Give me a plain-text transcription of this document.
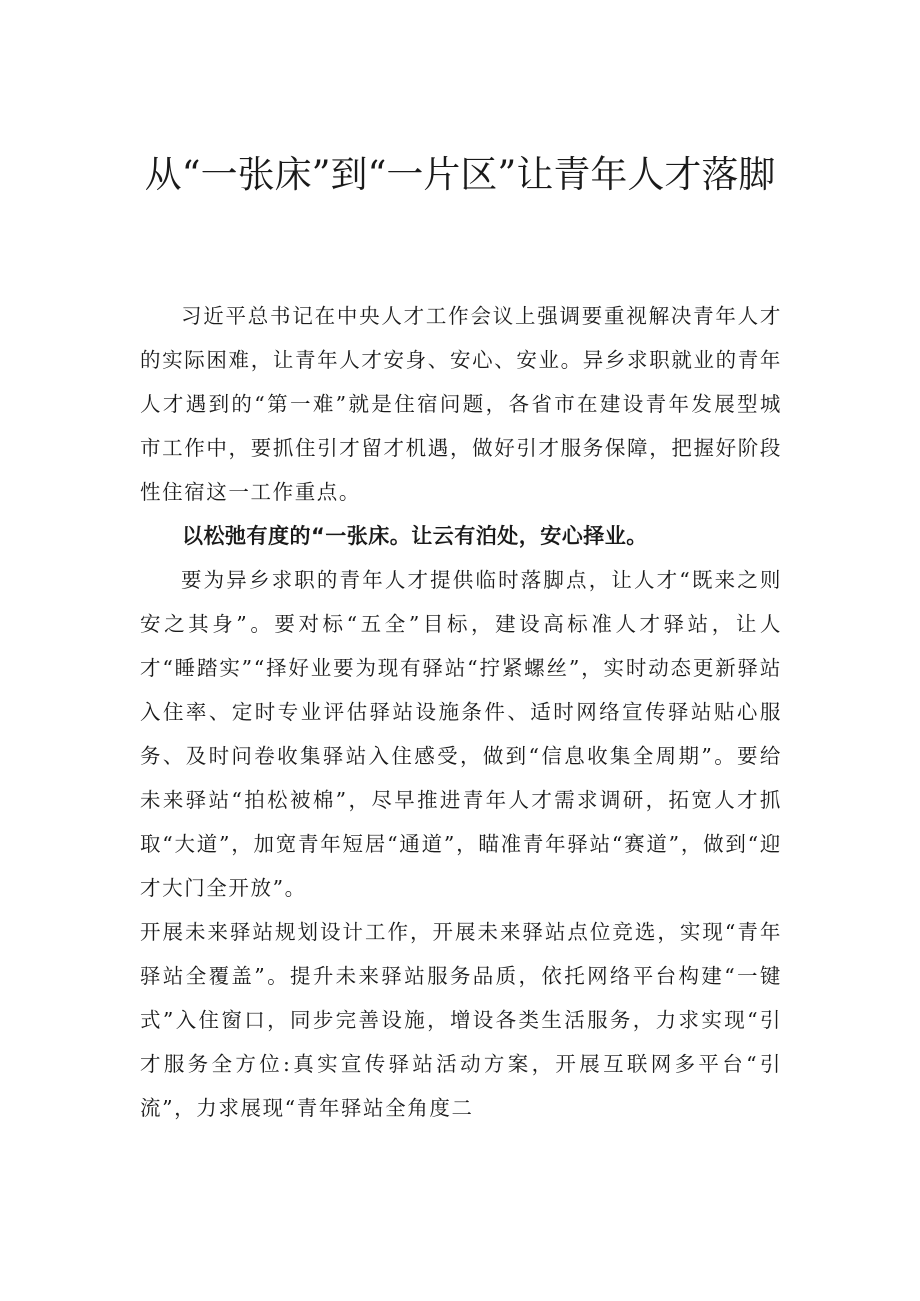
从“一张床”到“一片区”让青年人才落脚

习近平总书记在中央人才工作会议上强调要重视解决青年人才的实际困难，让青年人才安身、安心、安业。异乡求职就业的青年人才遇到的“第一难”就是住宿问题，各省市在建设青年发展型城市工作中，要抓住引才留才机遇，做好引才服务保障，把握好阶段性住宿这一工作重点。

以松弛有度的“一张床。让云有泊处，安心择业。

要为异乡求职的青年人才提供临时落脚点，让人才“既来之则安之其身”。要对标“五全”目标，建设高标准人才驿站，让人才“睡踏实”“择好业要为现有驿站“拧紧螺丝”，实时动态更新驿站入住率、定时专业评估驿站设施条件、适时网络宣传驿站贴心服务、及时问卷收集驿站入住感受，做到“信息收集全周期”。要给未来驿站“拍松被棉”，尽早推进青年人才需求调研，拓宽人才抓取“大道”，加宽青年短居“通道”，瞄准青年驿站“赛道”，做到“迎才大门全开放”。

开展未来驿站规划设计工作，开展未来驿站点位竞选，实现“青年驿站全覆盖”。提升未来驿站服务品质，依托网络平台构建“一键式”入住窗口，同步完善设施，增设各类生活服务，力求实现“引才服务全方位:真实宣传驿站活动方案，开展互联网多平台“引流”，力求展现“青年驿站全角度二
